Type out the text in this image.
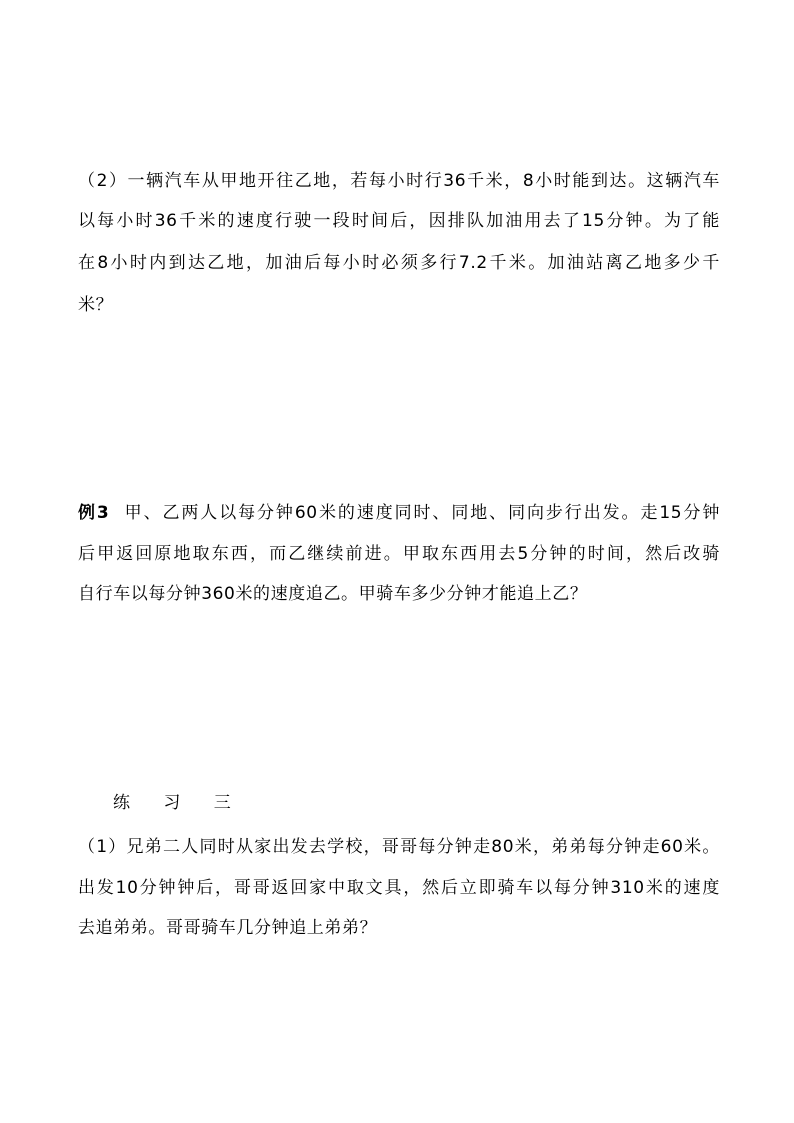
（2）一辆汽车从甲地开往乙地，若每小时行36千米，8小时能到达。这辆汽车
以每小时36千米的速度行驶一段时间后，因排队加油用去了15分钟。为了能
在8小时内到达乙地，加油后每小时必须多行7.2千米。加油站离乙地多少千
米？
例3 甲、乙两人以每分钟60米的速度同时、同地、同向步行出发。走15分钟
后甲返回原地取东西，而乙继续前进。甲取东西用去5分钟的时间，然后改骑
自行车以每分钟360米的速度追乙。甲骑车多少分钟才能追上乙？
练 习 三
（1）兄弟二人同时从家出发去学校，哥哥每分钟走80米，弟弟每分钟走60米。
出发10分钟钟后，哥哥返回家中取文具，然后立即骑车以每分钟310米的速度
去追弟弟。哥哥骑车几分钟追上弟弟？
